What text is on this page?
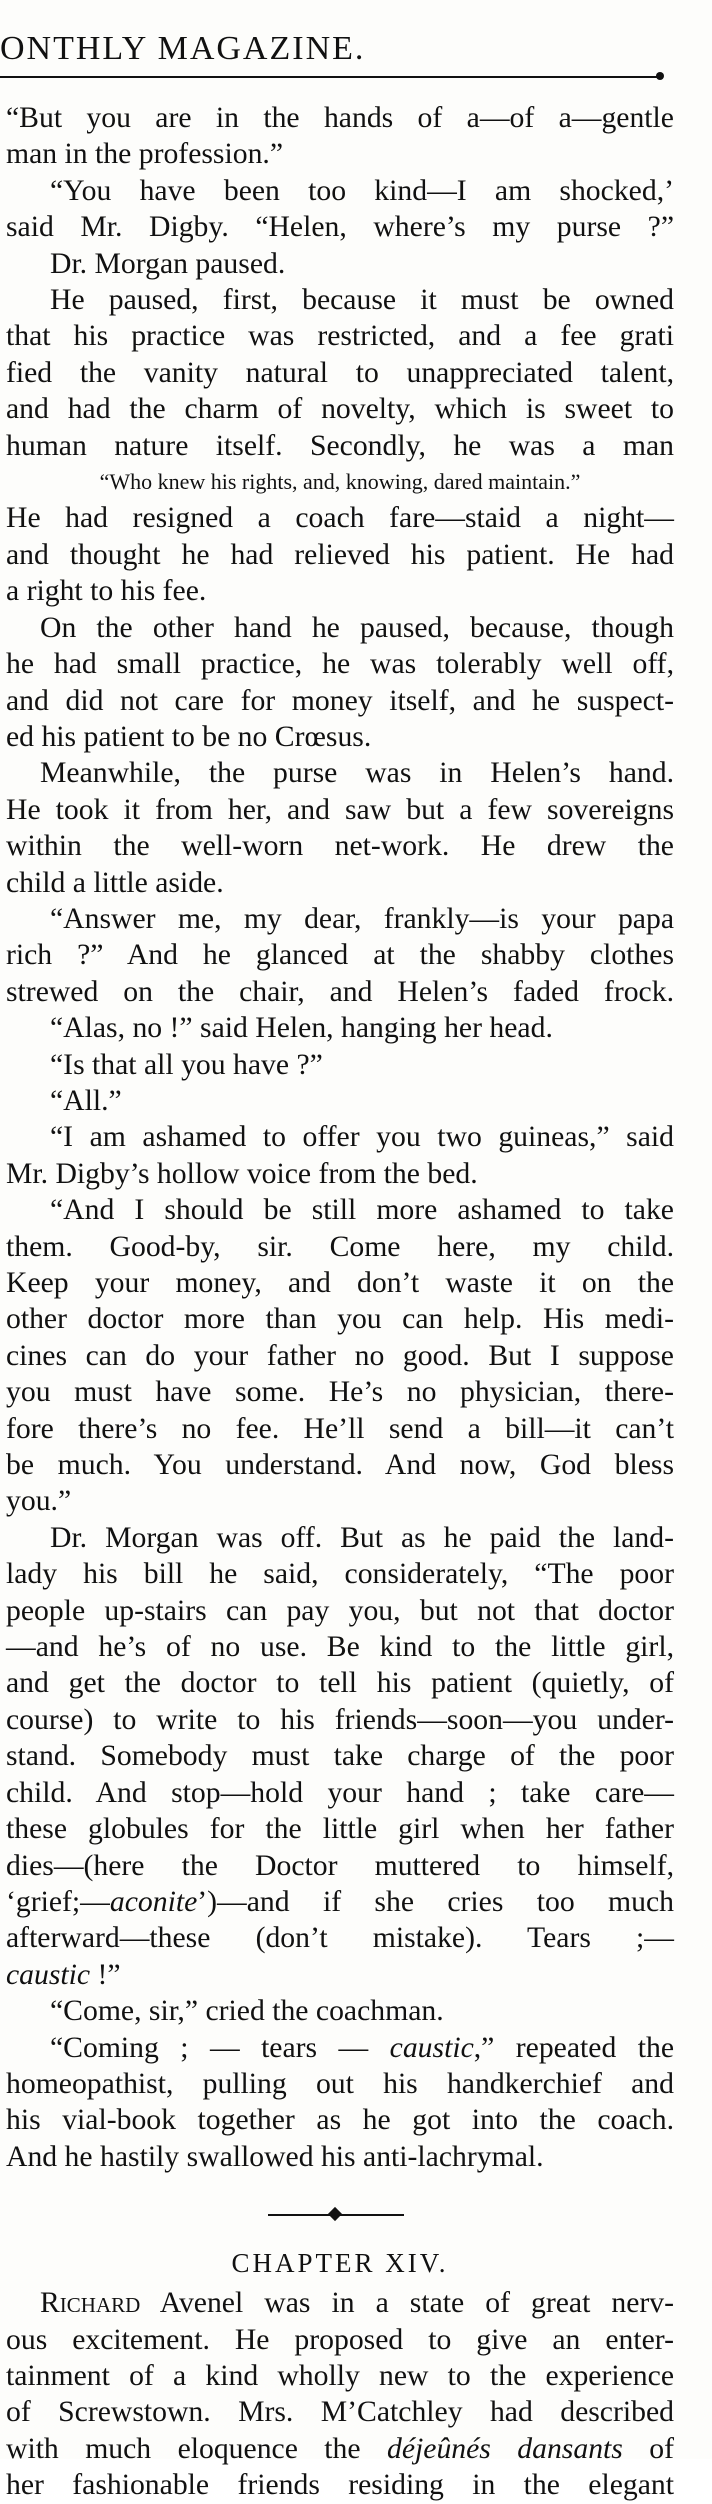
ONTHLY MAGAZINE.
“But you are in the hands of a—of a—gentle
man in the profession.”
“You have been too kind—I am shocked,’
said Mr. Digby. “Helen, where’s my purse ?”
Dr. Morgan paused.
He paused, first, because it must be owned
that his practice was restricted, and a fee grati
fied the vanity natural to unappreciated talent,
and had the charm of novelty, which is sweet to
human nature itself. Secondly, he was a man
“Who knew his rights, and, knowing, dared maintain.”
He had resigned a coach fare—staid a night—
and thought he had relieved his patient. He had
a right to his fee.
On the other hand he paused, because, though
he had small practice, he was tolerably well off,
and did not care for money itself, and he suspect-
ed his patient to be no Crœsus.
Meanwhile, the purse was in Helen’s hand.
He took it from her, and saw but a few sovereigns
within the well-worn net-work. He drew the
child a little aside.
“Answer me, my dear, frankly—is your papa
rich ?” And he glanced at the shabby clothes
strewed on the chair, and Helen’s faded frock.
“Alas, no !” said Helen, hanging her head.
“Is that all you have ?”
“All.”
“I am ashamed to offer you two guineas,” said
Mr. Digby’s hollow voice from the bed.
“And I should be still more ashamed to take
them. Good-by, sir. Come here, my child.
Keep your money, and don’t waste it on the
other doctor more than you can help. His medi-
cines can do your father no good. But I suppose
you must have some. He’s no physician, there-
fore there’s no fee. He’ll send a bill—it can’t
be much. You understand. And now, God bless
you.”
Dr. Morgan was off. But as he paid the land-
lady his bill he said, considerately, “The poor
people up-stairs can pay you, but not that doctor
—and he’s of no use. Be kind to the little girl,
and get the doctor to tell his patient (quietly, of
course) to write to his friends—soon—you under-
stand. Somebody must take charge of the poor
child. And stop—hold your hand ; take care—
these globules for the little girl when her father
dies—(here the Doctor muttered to himself,
‘grief;—aconite’)—and if she cries too much
afterward—these (don’t mistake). Tears ;—
caustic !”
“Come, sir,” cried the coachman.
“Coming ; — tears — caustic,” repeated the
homeopathist, pulling out his handkerchief and
his vial-book together as he got into the coach.
And he hastily swallowed his anti-lachrymal.
CHAPTER XIV.
Richard Avenel was in a state of great nerv-
ous excitement. He proposed to give an enter-
tainment of a kind wholly new to the experience
of Screwstown. Mrs. M’Catchley had described
with much eloquence the déjeûnés dansants of
her fashionable friends residing in the elegant
